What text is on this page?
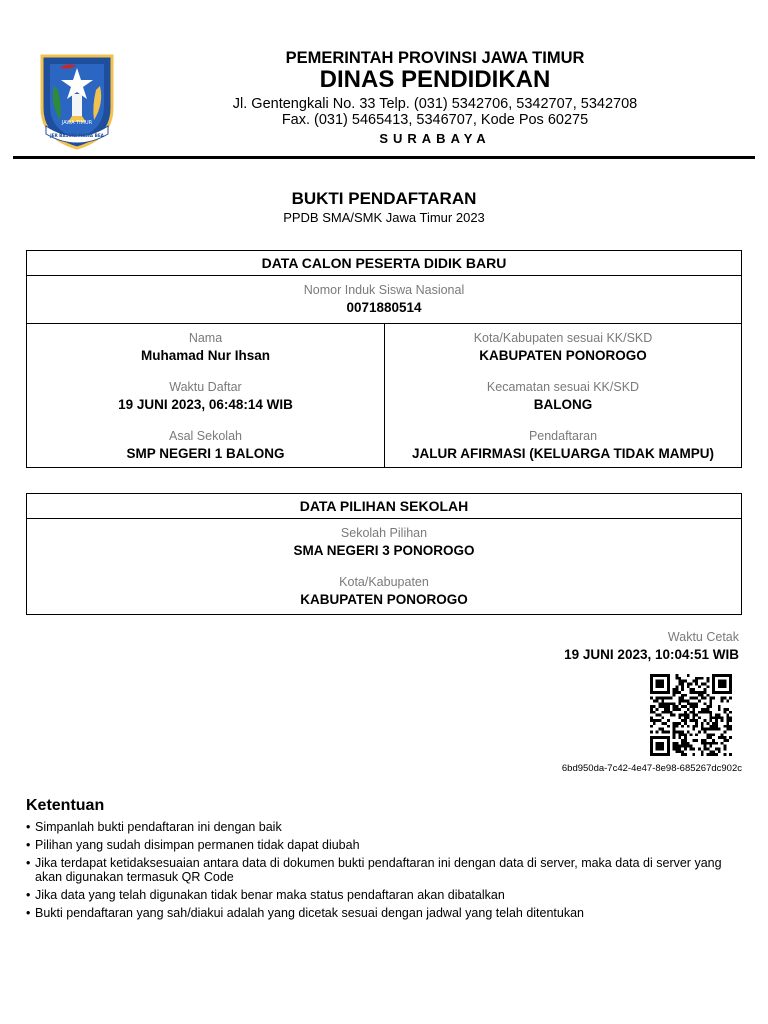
JAWA TIMUR
JER BASUKI MAWA BEA
PEMERINTAH PROVINSI JAWA TIMUR
DINAS PENDIDIKAN
Jl. Gentengkali No. 33 Telp. (031) 5342706, 5342707, 5342708
Fax. (031) 5465413, 5346707, Kode Pos 60275
SURABAYA
BUKTI PENDAFTARAN
PPDB SMA/SMK Jawa Timur 2023
DATA CALON PESERTA DIDIK BARU
Nomor Induk Siswa Nasional
0071880514
Nama
Muhamad Nur Ihsan
Waktu Daftar
19 JUNI 2023, 06:48:14 WIB
Asal Sekolah
SMP NEGERI 1 BALONG
Kota/Kabupaten sesuai KK/SKD
KABUPATEN PONOROGO
Kecamatan sesuai KK/SKD
BALONG
Pendaftaran
JALUR AFIRMASI (KELUARGA TIDAK MAMPU)
DATA PILIHAN SEKOLAH
Sekolah Pilihan
SMA NEGERI 3 PONOROGO
Kota/Kabupaten
KABUPATEN PONOROGO
Waktu Cetak
19 JUNI 2023, 10:04:51 WIB
6bd950da-7c42-4e47-8e98-685267dc902c
Ketentuan
• Simpanlah bukti pendaftaran ini dengan baik
• Pilihan yang sudah disimpan permanen tidak dapat diubah
• Jika terdapat ketidaksesuaian antara data di dokumen bukti pendaftaran ini dengan data di server, maka data di server yang akan digunakan termasuk QR Code
• Jika data yang telah digunakan tidak benar maka status pendaftaran akan dibatalkan
• Bukti pendaftaran yang sah/diakui adalah yang dicetak sesuai dengan jadwal yang telah ditentukan
